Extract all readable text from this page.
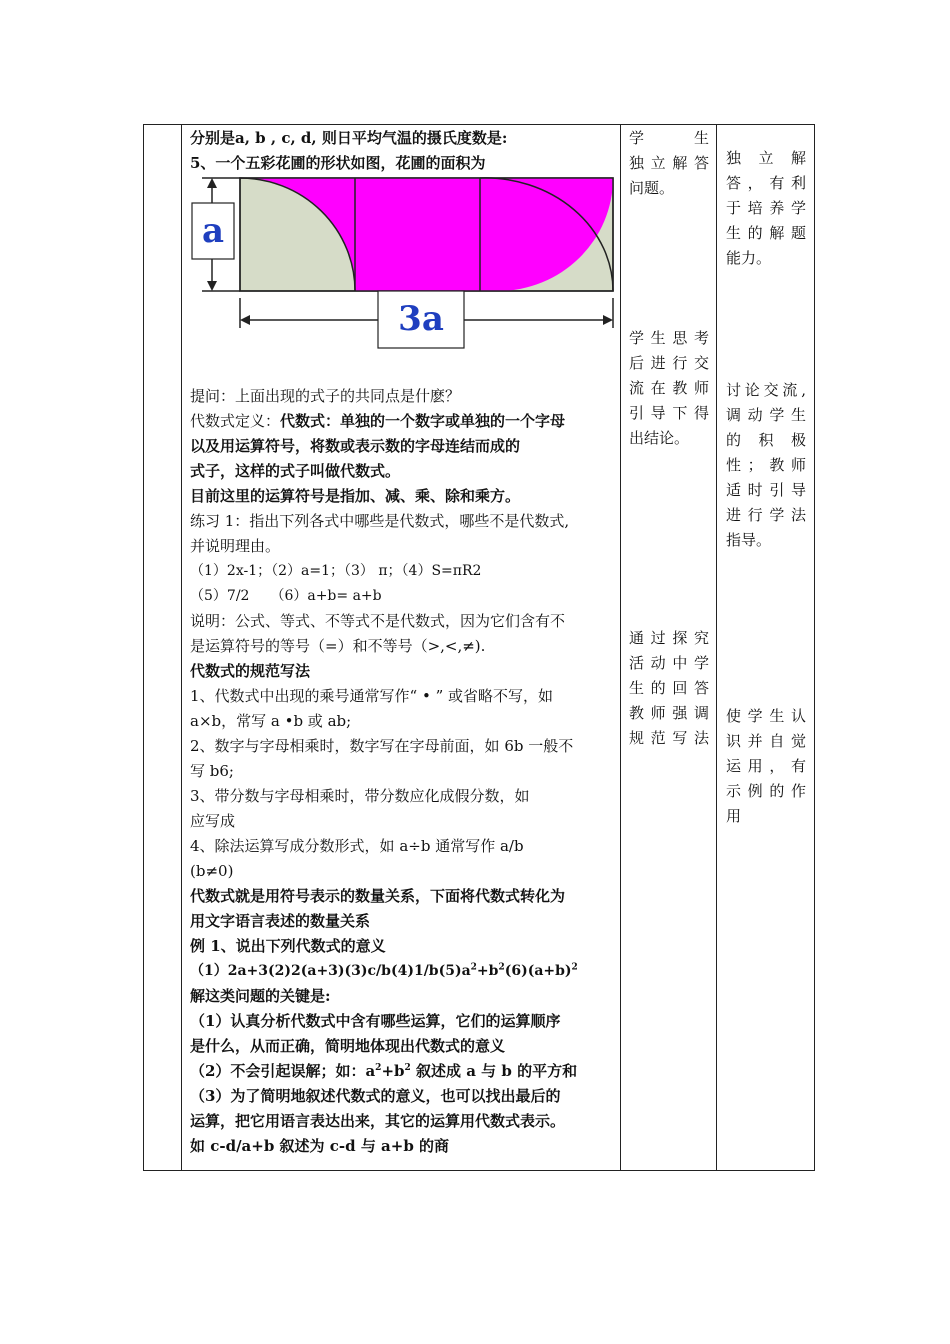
分别是a, b , c, d, 则日平均气温的摄氏度数是:

5、一个五彩花圃的形状如图，花圃的面积为

提问：上面出现的式子的共同点是什麽？

代数式定义：代数式：单独的一个数字或单独的一个字母

以及用运算符号，将数或表示数的字母连结而成的

式子，这样的式子叫做代数式。

目前这里的运算符号是指加、减、乘、除和乘方。

练习 1：指出下列各式中哪些是代数式，哪些不是代数式,

并说明理由。

（1）2x-1；（2）a=1；（3） π；（4）S=πR2

（5）7/2　　（6）a+b= a+b

说明：公式、等式、不等式不是代数式，因为它们含有不

是运算符号的等号（=）和不等号（>,<,≠).

代数式的规范写法

1、代数式中出现的乘号通常写作“ • ” 或省略不写，如

a×b，常写 a •b 或 ab;

2、数字与字母相乘时，数字写在字母前面，如 6b 一般不

写 b6;

3、带分数与字母相乘时，带分数应化成假分数，如

应写成

4、除法运算写成分数形式，如 a÷b 通常写作 a/b

(b≠0)

代数式就是用符号表示的数量关系，下面将代数式转化为

用文字语言表述的数量关系

例 1、说出下列代数式的意义

$(1)2a+3(2)2(a+3)(3)c/b(4)1/b(5)a^2+b^2(6)(a+b)^2$

解这类问题的关键是:

（1）认真分析代数式中含有哪些运算，它们的运算顺序

是什么，从而正确，简明地体现出代数式的意义

（2）不会引起误解；如：$a^2+b^2$ 叙述成 a 与 b 的平方和

（3）为了简明地叙述代数式的意义，也可以找出最后的

运算，把它用语言表达出来，其它的运算用代数式表示。

如 c-d/a+b 叙述为 c-d 与 a+b 的商

a
3a

学　生

独立解答

问题。

学生思考

后进行交

流在教师

引导下得

出结论。

通过探究

活动中学

生的回答

教师强调

规范写法

独　立　解

答，有利

于培养学

生的解题

能力。

讨论交流,

调动学生

的　积　极

性；教师

适时引导

进行学法

指导。

使学生认

识并自觉

运用，有

示例的作

用
